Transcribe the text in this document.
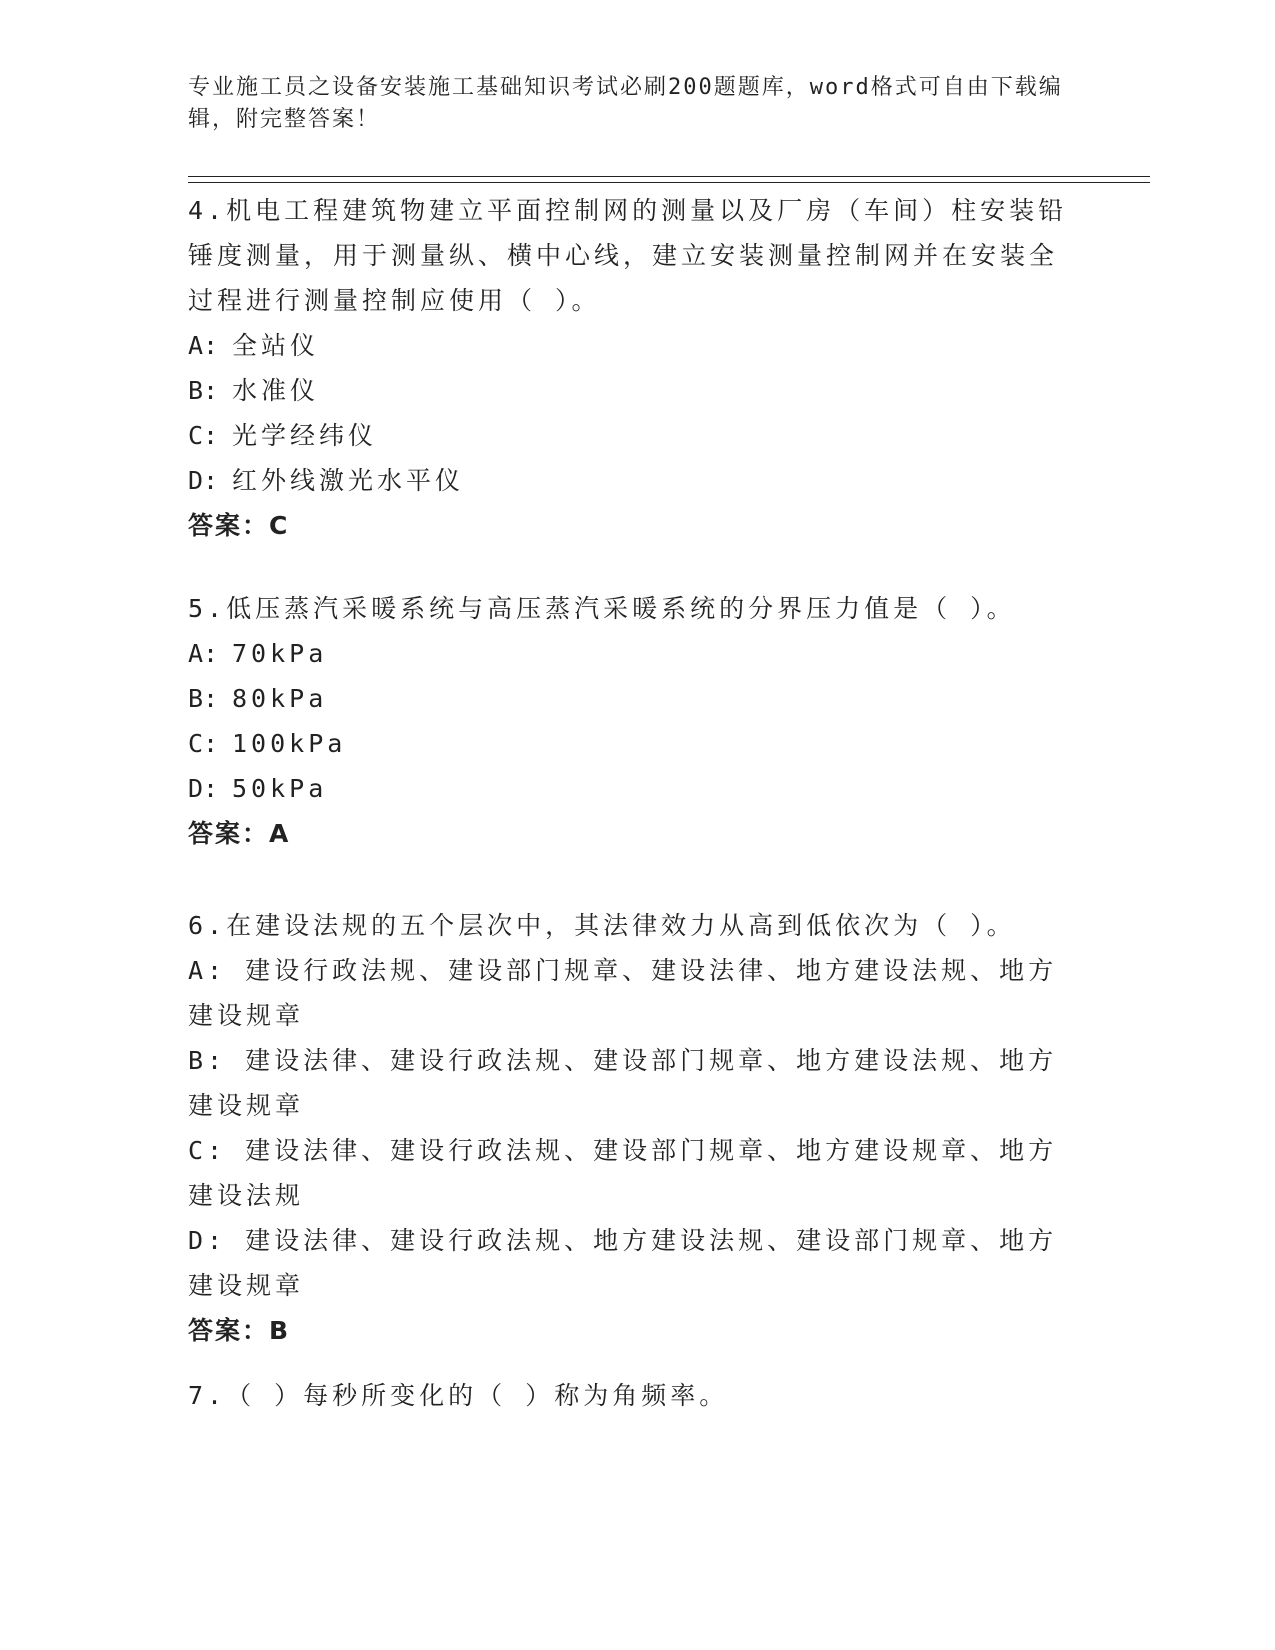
专业施工员之设备安装施工基础知识考试必刷200题题库，word格式可自由下载编辑，附完整答案！
4.机电工程建筑物建立平面控制网的测量以及厂房（车间）柱安装铅锤度测量，用于测量纵、横中心线，建立安装测量控制网并在安装全过程进行测量控制应使用（ ）。
A: 全站仪
B: 水准仪
C: 光学经纬仪
D: 红外线激光水平仪
答案：C
5.低压蒸汽采暖系统与高压蒸汽采暖系统的分界压力值是（ ）。
A: 70kPa
B: 80kPa
C: 100kPa
D: 50kPa
答案：A
6.在建设法规的五个层次中，其法律效力从高到低依次为（ ）。
A: 建设行政法规、建设部门规章、建设法律、地方建设法规、地方建设规章
B: 建设法律、建设行政法规、建设部门规章、地方建设法规、地方建设规章
C: 建设法律、建设行政法规、建设部门规章、地方建设规章、地方建设法规
D: 建设法律、建设行政法规、地方建设法规、建设部门规章、地方建设规章
答案：B
7.（ ）每秒所变化的（ ）称为角频率。
